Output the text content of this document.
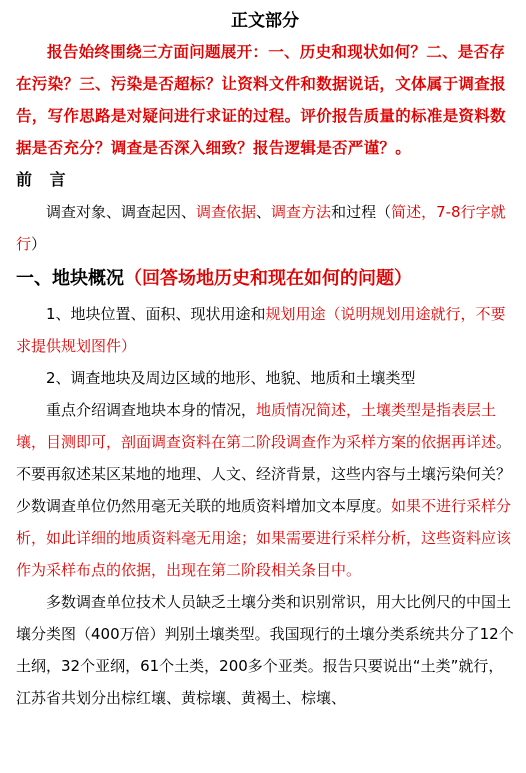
正文部分

报告始终围绕三方面问题展开：一、历史和现状如何？二、是否存在污染？三、污染是否超标？让资料文件和数据说话，文体属于调查报告，写作思路是对疑问进行求证的过程。评价报告质量的标准是资料数据是否充分？调查是否深入细致？报告逻辑是否严谨？。

前 言

调查对象、调查起因、调查依据、调查方法和过程（简述，7-8行字就行）

一、地块概况（回答场地历史和现在如何的问题）

1、地块位置、面积、现状用途和规划用途（说明规划用途就行，不要求提供规划图件）

2、调查地块及周边区域的地形、地貌、地质和土壤类型

重点介绍调查地块本身的情况，地质情况简述，土壤类型是指表层土壤，目测即可，剖面调查资料在第二阶段调查作为采样方案的依据再详述。不要再叙述某区某地的地理、人文、经济背景，这些内容与土壤污染何关？少数调查单位仍然用毫无关联的地质资料增加文本厚度。如果不进行采样分析，如此详细的地质资料毫无用途；如果需要进行采样分析，这些资料应该作为采样布点的依据，出现在第二阶段相关条目中。

多数调查单位技术人员缺乏土壤分类和识别常识，用大比例尺的中国土壤分类图（400万倍）判别土壤类型。我国现行的土壤分类系统共分了12个土纲，32个亚纲，61个土类，200多个亚类。报告只要说出“土类”就行，江苏省共划分出棕红壤、黄棕壤、黄褐土、棕壤、
